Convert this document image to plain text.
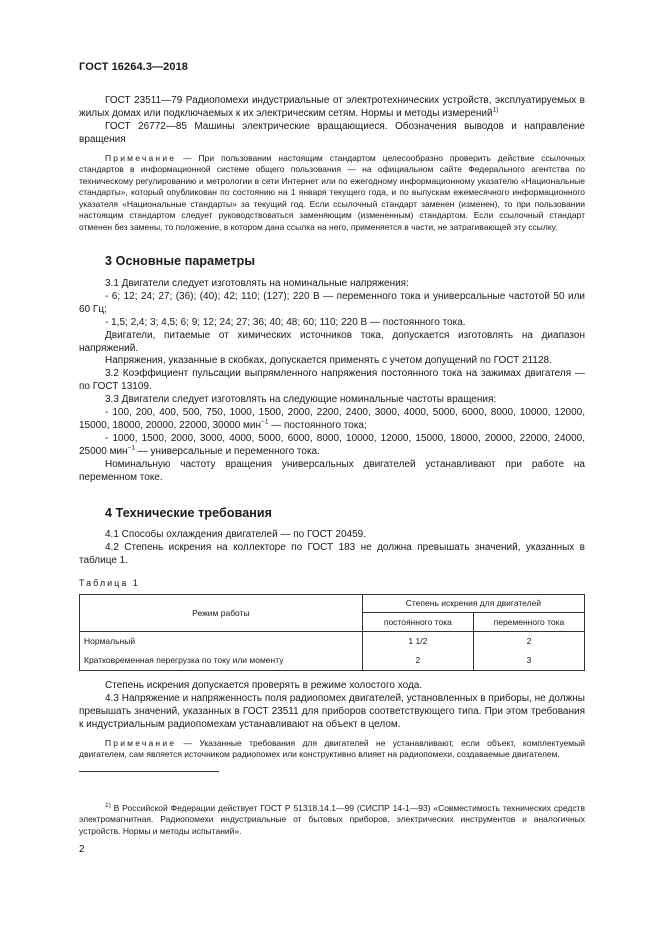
ГОСТ 16264.3—2018

ГОСТ 23511—79 Радиопомехи индустриальные от электротехнических устройств, эксплуатируемых в жилых домах или подключаемых к их электрическим сетям. Нормы и методы измерений$^{1)}$

ГОСТ 26772—85 Машины электрические вращающиеся. Обозначения выводов и направление вращения

Примечание — При пользовании настоящим стандартом целесообразно проверить действие ссылочных стандартов в информационной системе общего пользования — на официальном сайте Федерального агентства по техническому регулированию и метрологии в сети Интернет или по ежегодному информационному указателю «Национальные стандарты», который опубликован по состоянию на 1 января текущего года, и по выпускам ежемесячного информационного указателя «Национальные стандарты» за текущий год. Если ссылочный стандарт заменен (изменен), то при пользовании настоящим стандартом следует руководствоваться заменяющим (измененным) стандартом. Если ссылочный стандарт отменен без замены, то положение, в котором дана ссылка на него, применяется в части, не затрагивающей эту ссылку.

3 Основные параметры

3.1 Двигатели следует изготовлять на номинальные напряжения:

- 6; 12; 24; 27; (36); (40); 42; 110; (127); 220 В — переменного тока и универсальные частотой 50 или 60 Гц;

- 1,5; 2,4; 3; 4,5; 6; 9; 12; 24; 27; 36; 40; 48; 60; 110; 220 В — постоянного тока.

Двигатели, питаемые от химических источников тока, допускается изготовлять на диапазон напряжений.

Напряжения, указанные в скобках, допускается применять с учетом допущений по ГОСТ 21128.

3.2 Коэффициент пульсации выпрямленного напряжения постоянного тока на зажимах двигателя — по ГОСТ 13109.

3.3 Двигатели следует изготовлять на следующие номинальные частоты вращения:

- 100, 200, 400, 500, 750, 1000, 1500, 2000, 2200, 2400, 3000, 4000, 5000, 6000, 8000, 10000, 12000, 15000, 18000, 20000, 22000, 30000 мин$^{-1}$ — постоянного тока;

- 1000, 1500, 2000, 3000, 4000, 5000, 6000, 8000, 10000, 12000, 15000, 18000, 20000, 22000, 24000, 25000 мин$^{-1}$ — универсальные и переменного тока.

Номинальную частоту вращения универсальных двигателей устанавливают при работе на переменном токе.

4 Технические требования

4.1 Способы охлаждения двигателей — по ГОСТ 20459.

4.2 Степень искрения на коллекторе по ГОСТ 183 не должна превышать значений, указанных в таблице 1.

Таблица 1
Режим работы	Степень искрения для двигателей	
	постоянного тока	переменного тока
Нормальный	1 1/2	2
Кратковременная перегрузка по току или моменту	2	3

Степень искрения допускается проверять в режиме холостого хода.

4.3 Напряжение и напряженность поля радиопомех двигателей, установленных в приборы, не должны превышать значений, указанных в ГОСТ 23511 для приборов соответствующего типа. При этом требования к индустриальным радиопомехам устанавливают на объект в целом.

Примечание — Указанные требования для двигателей не устанавливают, если объект, комплектуемый двигателем, сам является источником радиопомех или конструктивно влияет на радиопомехи, создаваемые двигателем.

$^{1)}$ В Российской Федерации действует ГОСТ Р 51318.14.1—99 (СИСПР 14-1—93) «Совместимость технических средств электромагнитная. Радиопомехи индустриальные от бытовых приборов, электрических инструментов и аналогичных устройств. Нормы и методы испытаний».

2
